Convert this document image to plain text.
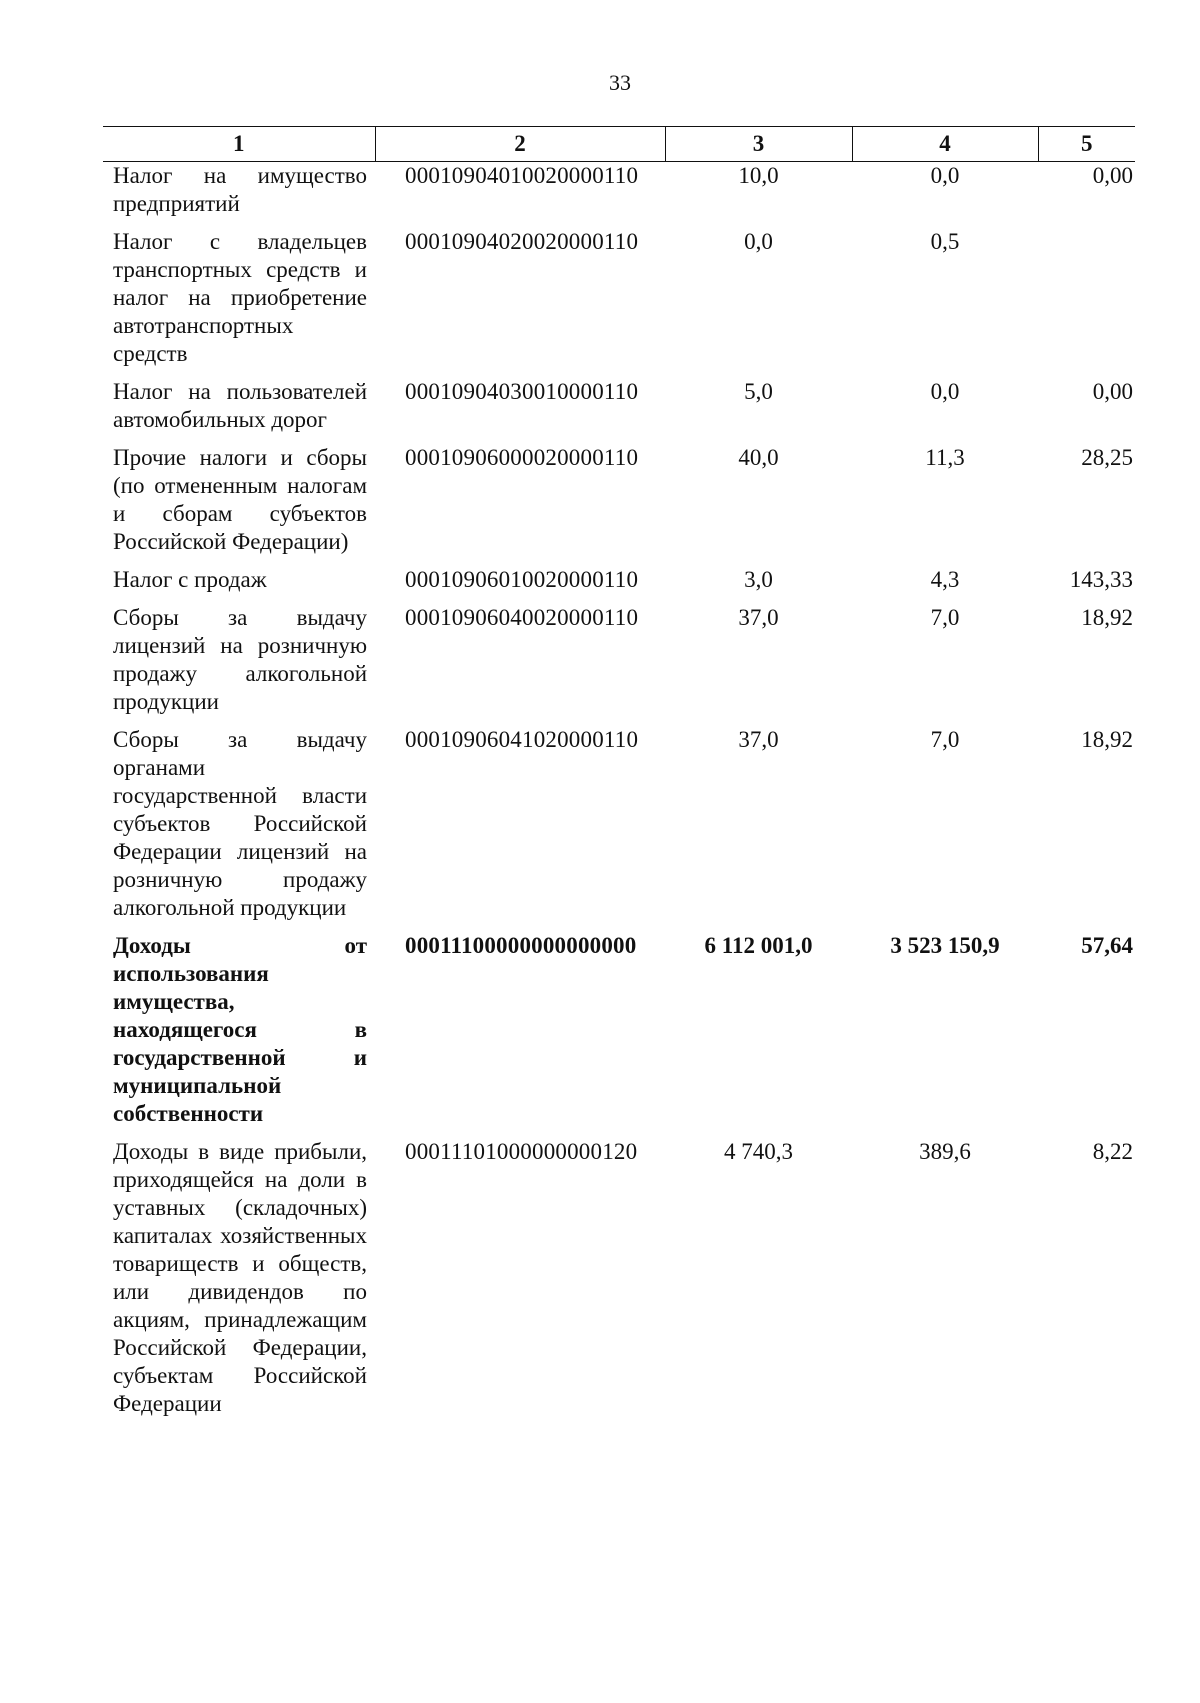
33
1	2	3	4	5
Налог на имущество предприятий	00010904010020000110	10,0	0,0	0,00
Налог с владельцев транспортных средств и налог на приобретение автотранспортных средств	00010904020020000110	0,0	0,5	
Налог на пользователей автомобильных дорог	00010904030010000110	5,0	0,0	0,00
Прочие налоги и сборы (по отмененным налогам и сборам субъектов Российской Федерации)	00010906000020000110	40,0	11,3	28,25
Налог с продаж	00010906010020000110	3,0	4,3	143,33
Сборы за выдачу лицензий на розничную продажу алкогольной продукции	00010906040020000110	37,0	7,0	18,92
Сборы за выдачу органами государственной власти субъектов Российской Федерации лицензий на розничную продажу алкогольной продукции	00010906041020000110	37,0	7,0	18,92
Доходы от использования имущества, находящегося в государственной и муниципальной собственности	00011100000000000000	6 112 001,0	3 523 150,9	57,64
Доходы в виде прибыли, приходящейся на доли в уставных (складочных) капиталах хозяйственных товариществ и обществ, или дивидендов по акциям, принадлежащим Российской Федерации, субъектам Российской Федерации	00011101000000000120	4 740,3	389,6	8,22
